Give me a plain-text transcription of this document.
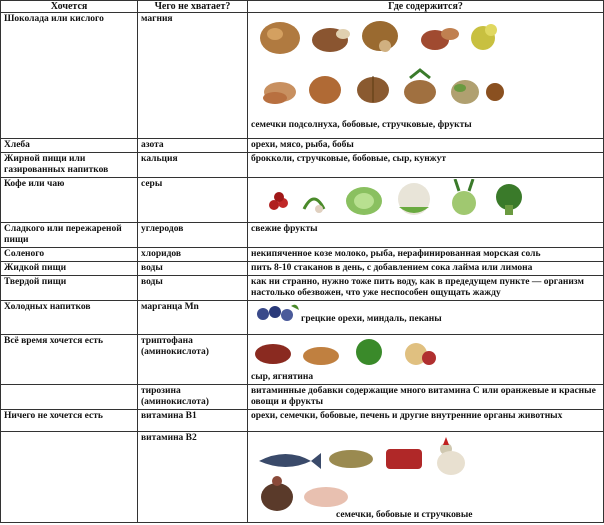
Хочется	Чего не хватает?	Где содержится?
Шоколада или кислого	магния	семечки подсолнуха, бобовые, стручковые, фрукты

Хлеба	азота	орехи, мясо, рыба, бобы
Жирной пищи или газированных напитков	кальция	брокколи, стручковые, бобовые, сыр, кунжут
Кофе или чаю	серы	
Сладкого или пережареной пищи	углеродов	свежие фрукты
Соленого	хлоридов	некипяченное козе молоко, рыба, нерафинированная морская соль
Жидкой пищи	воды	пить 8-10 стаканов в день, с добавлением сока лайма или лимона
Твердой пищи	воды	как ни странно, нужно тоже пить воду, как в предедущем пункте — организм настолько обезвожен, что уже неспособен ощущать жажду
Холодных напитков	марганца Mn	грецкие орехи, миндаль, пеканы

Всё время хочется есть	триптофана (аминокислота)	сыр, ягнятина

	тирозина (аминокислота)	витаминные добавки содержащие много витамина С или оранжевые и красные овощи и фрукты
Ничего не хочется есть	витамина В1	орехи, семечки, бобовые, печень и другие внутренние органы животных
	витамина В2	семечки, бобовые и стручковые
